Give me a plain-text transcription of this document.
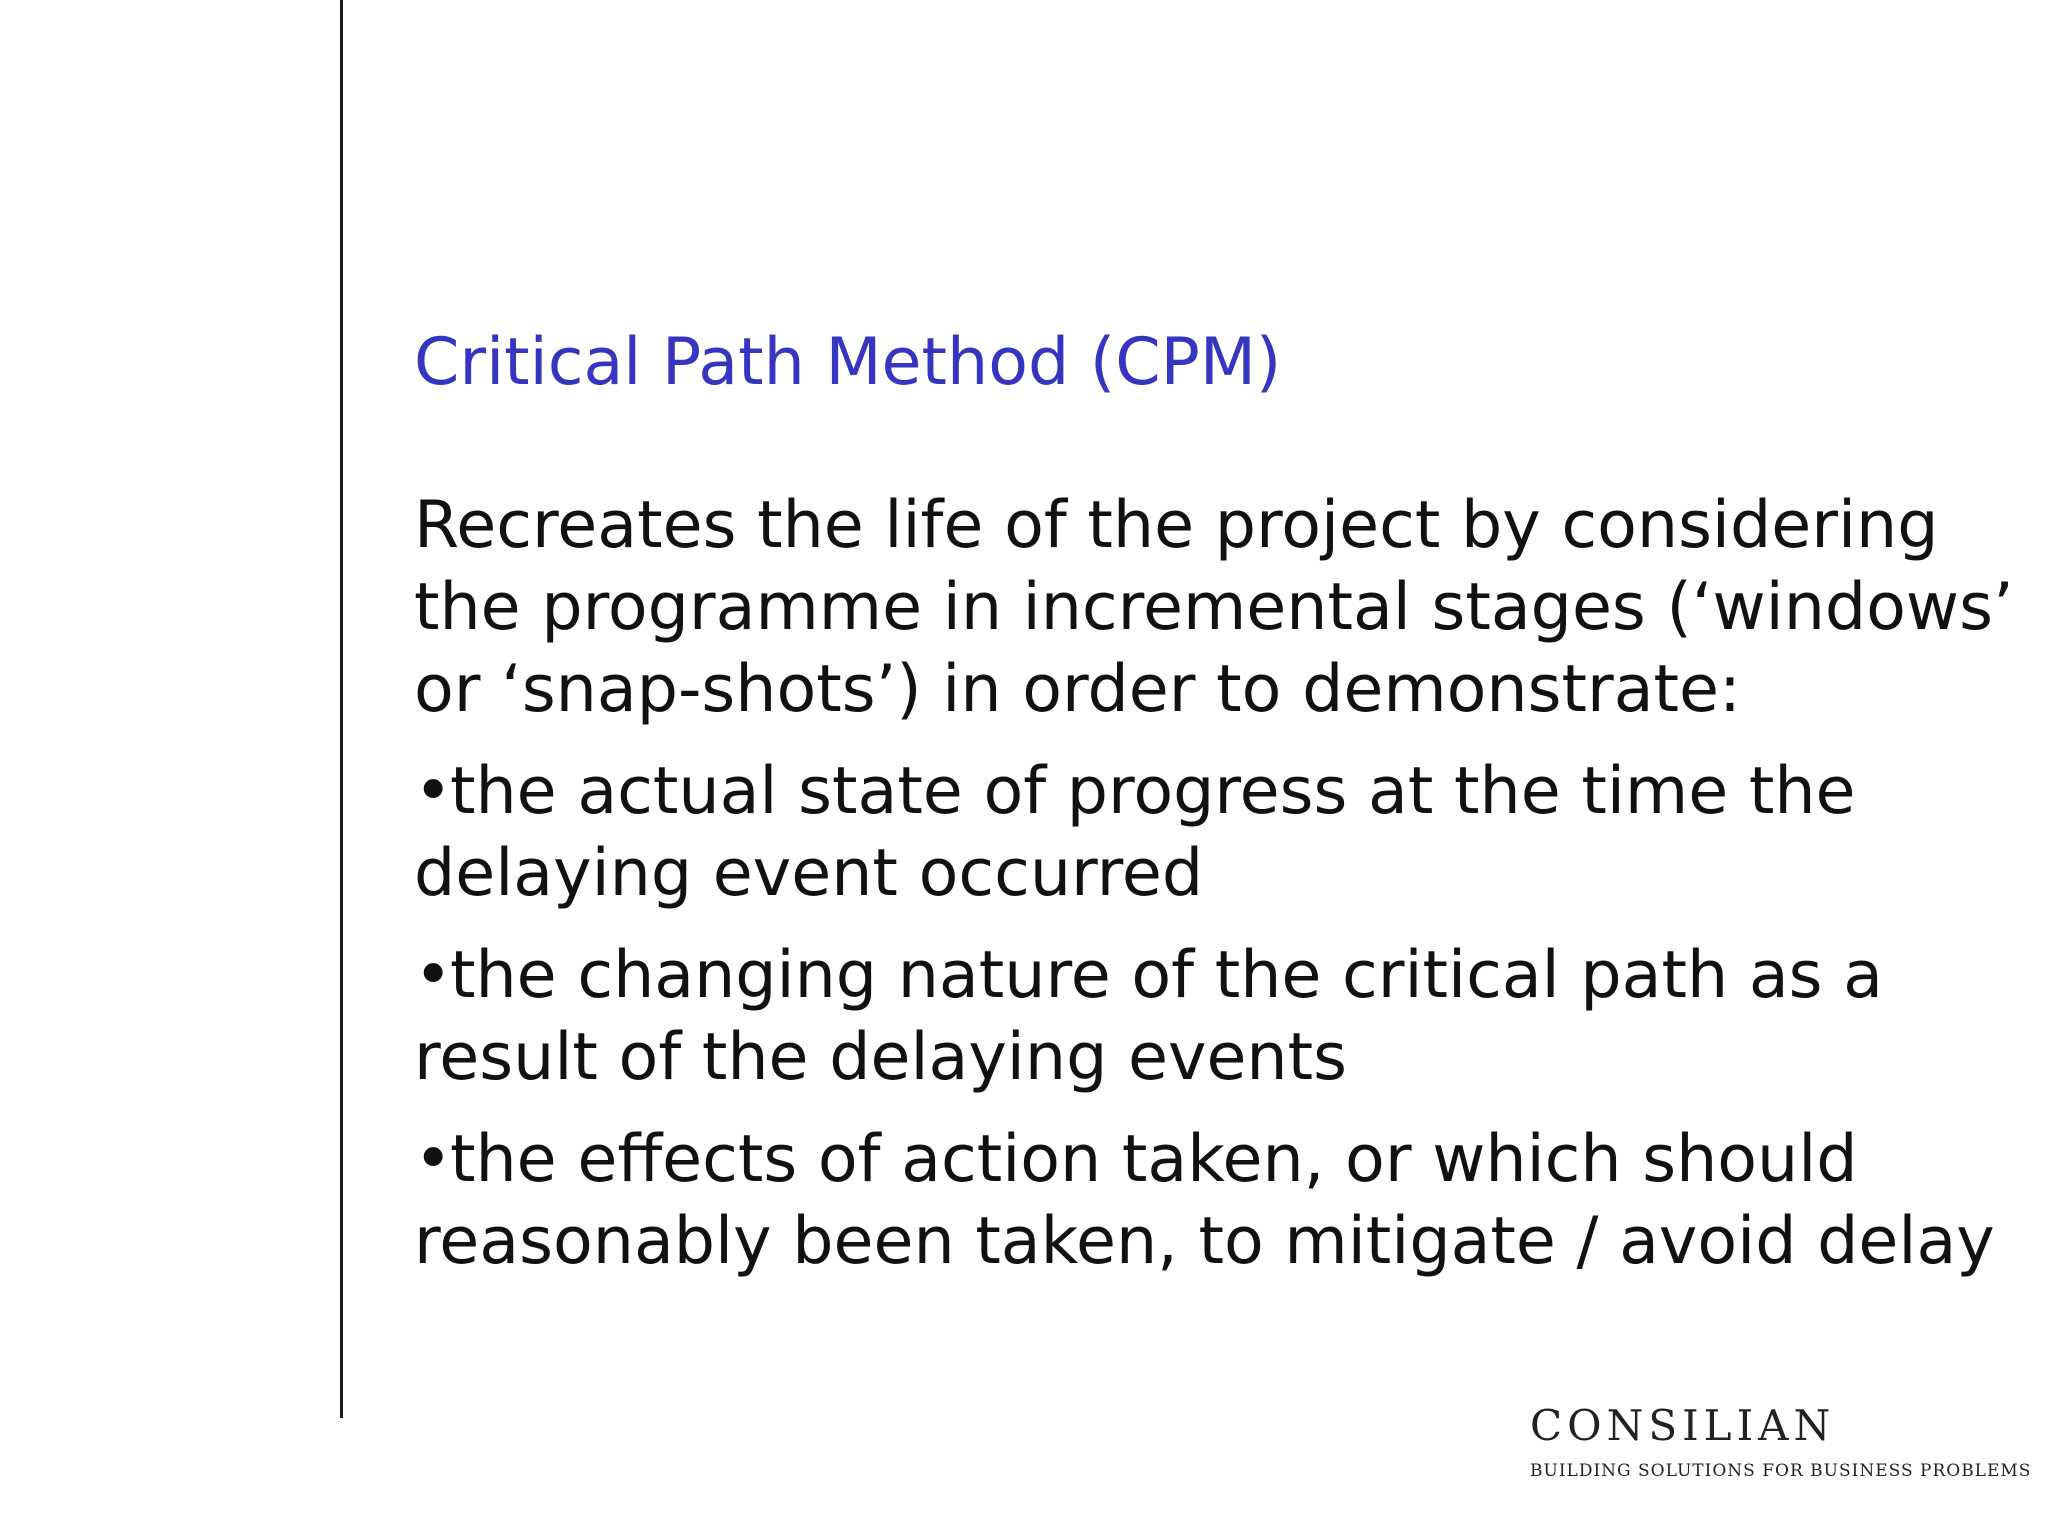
Critical Path Method (CPM)
Recreates the life of the project by considering
the programme in incremental stages (‘windows’
or ‘snap-shots’) in order to demonstrate:
•the actual state of progress at the time the
delaying event occurred
•the changing nature of the critical path as a
result of the delaying events
•the effects of action taken, or which should
reasonably been taken, to mitigate / avoid delay
CONSILIAN
BUILDING SOLUTIONS FOR BUSINESS PROBLEMS
